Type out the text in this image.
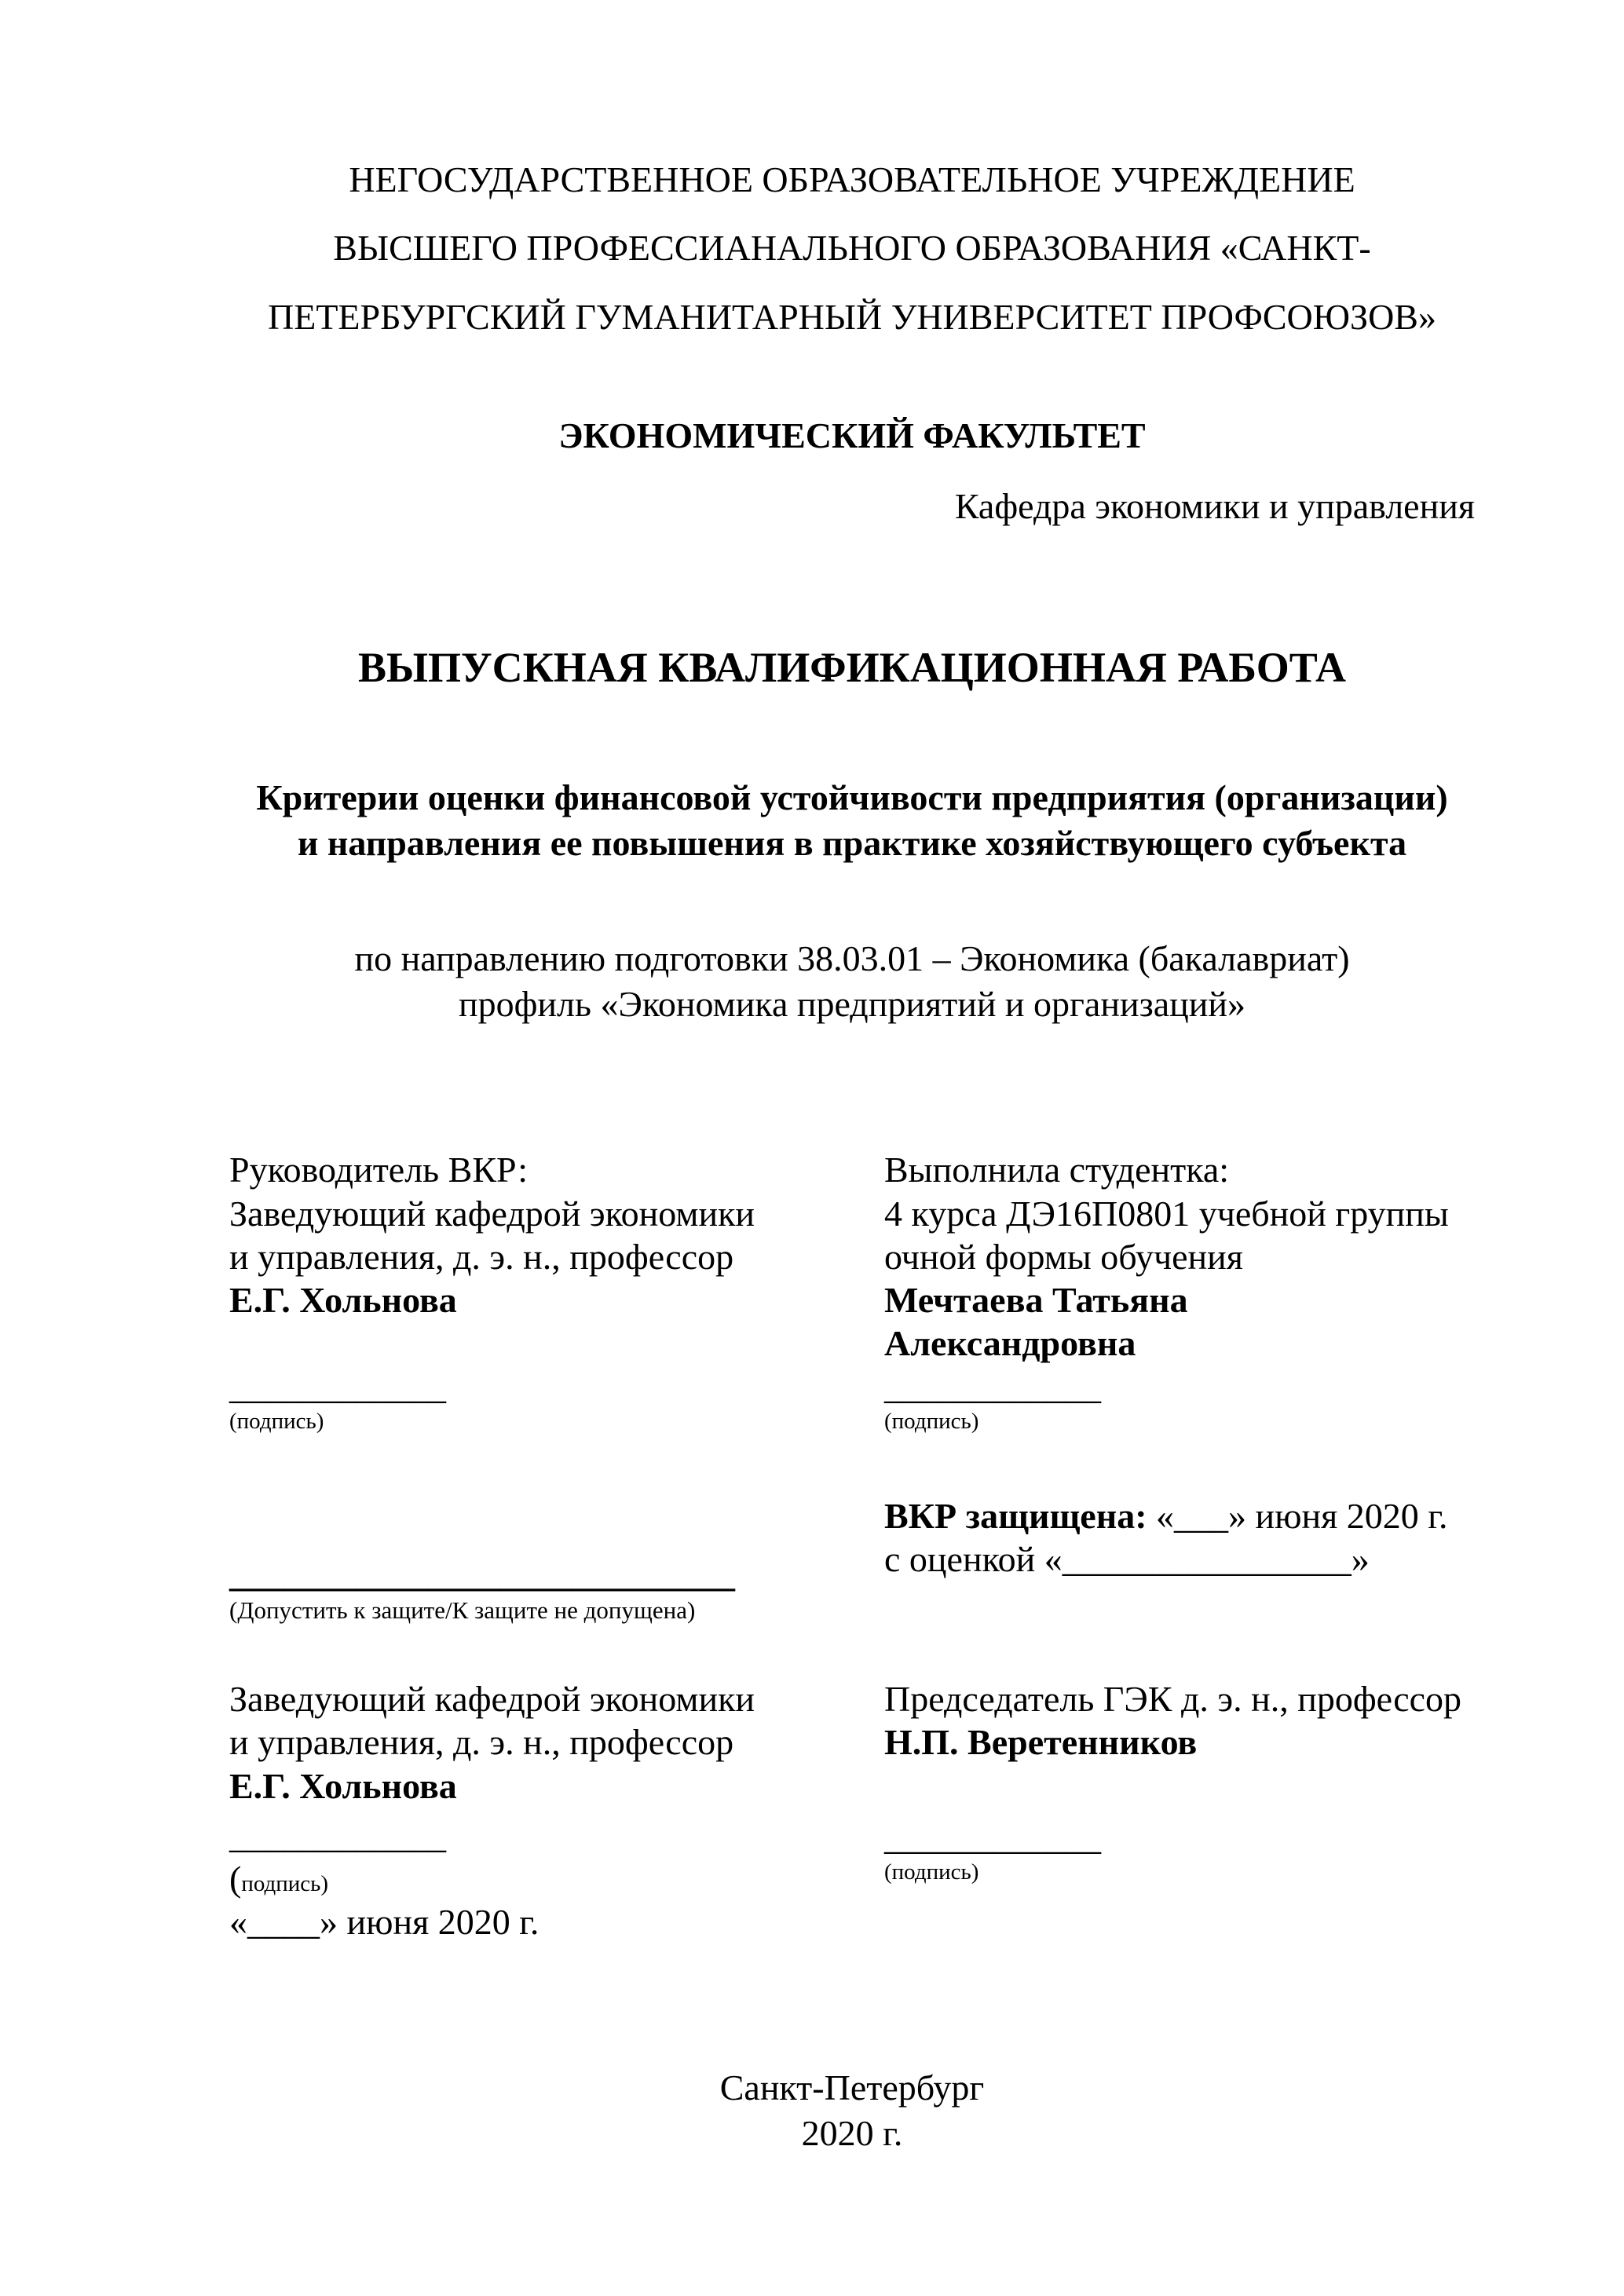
НЕГОСУДАРСТВЕННОЕ ОБРАЗОВАТЕЛЬНОЕ УЧРЕЖДЕНИЕ
ВЫСШЕГО ПРОФЕССИАНАЛЬНОГО ОБРАЗОВАНИЯ «САНКТ-
ПЕТЕРБУРГСКИЙ ГУМАНИТАРНЫЙ УНИВЕРСИТЕТ ПРОФСОЮЗОВ»
ЭКОНОМИЧЕСКИЙ ФАКУЛЬТЕТ
Кафедра экономики и управления
ВЫПУСКНАЯ КВАЛИФИКАЦИОННАЯ РАБОТА
Критерии оценки финансовой устойчивости предприятия (организации)
и направления ее повышения в практике хозяйствующего субъекта
по направлению подготовки 38.03.01 – Экономика (бакалавриат)
профиль «Экономика предприятий и организаций»
Руководитель ВКР:
Заведующий кафедрой экономики
и управления, д. э. н., профессор
Е.Г. Хольнова
____________
(подпись)
Выполнила студентка:
4 курса ДЭ16П0801 учебной группы
очной формы обучения
Мечтаева Татьяна
Александровна
____________
(подпись)
____________________________
(Допустить к защите/К защите не допущена)
ВКР защищена: «___» июня 2020 г.
с оценкой «________________»
Заведующий кафедрой экономики
и управления, д. э. н., профессор
Е.Г. Хольнова
____________
(подпись)
«____» июня 2020 г.
Председатель ГЭК д. э. н., профессор
Н.П. Веретенников
____________
(подпись)
Санкт-Петербург
2020 г.
